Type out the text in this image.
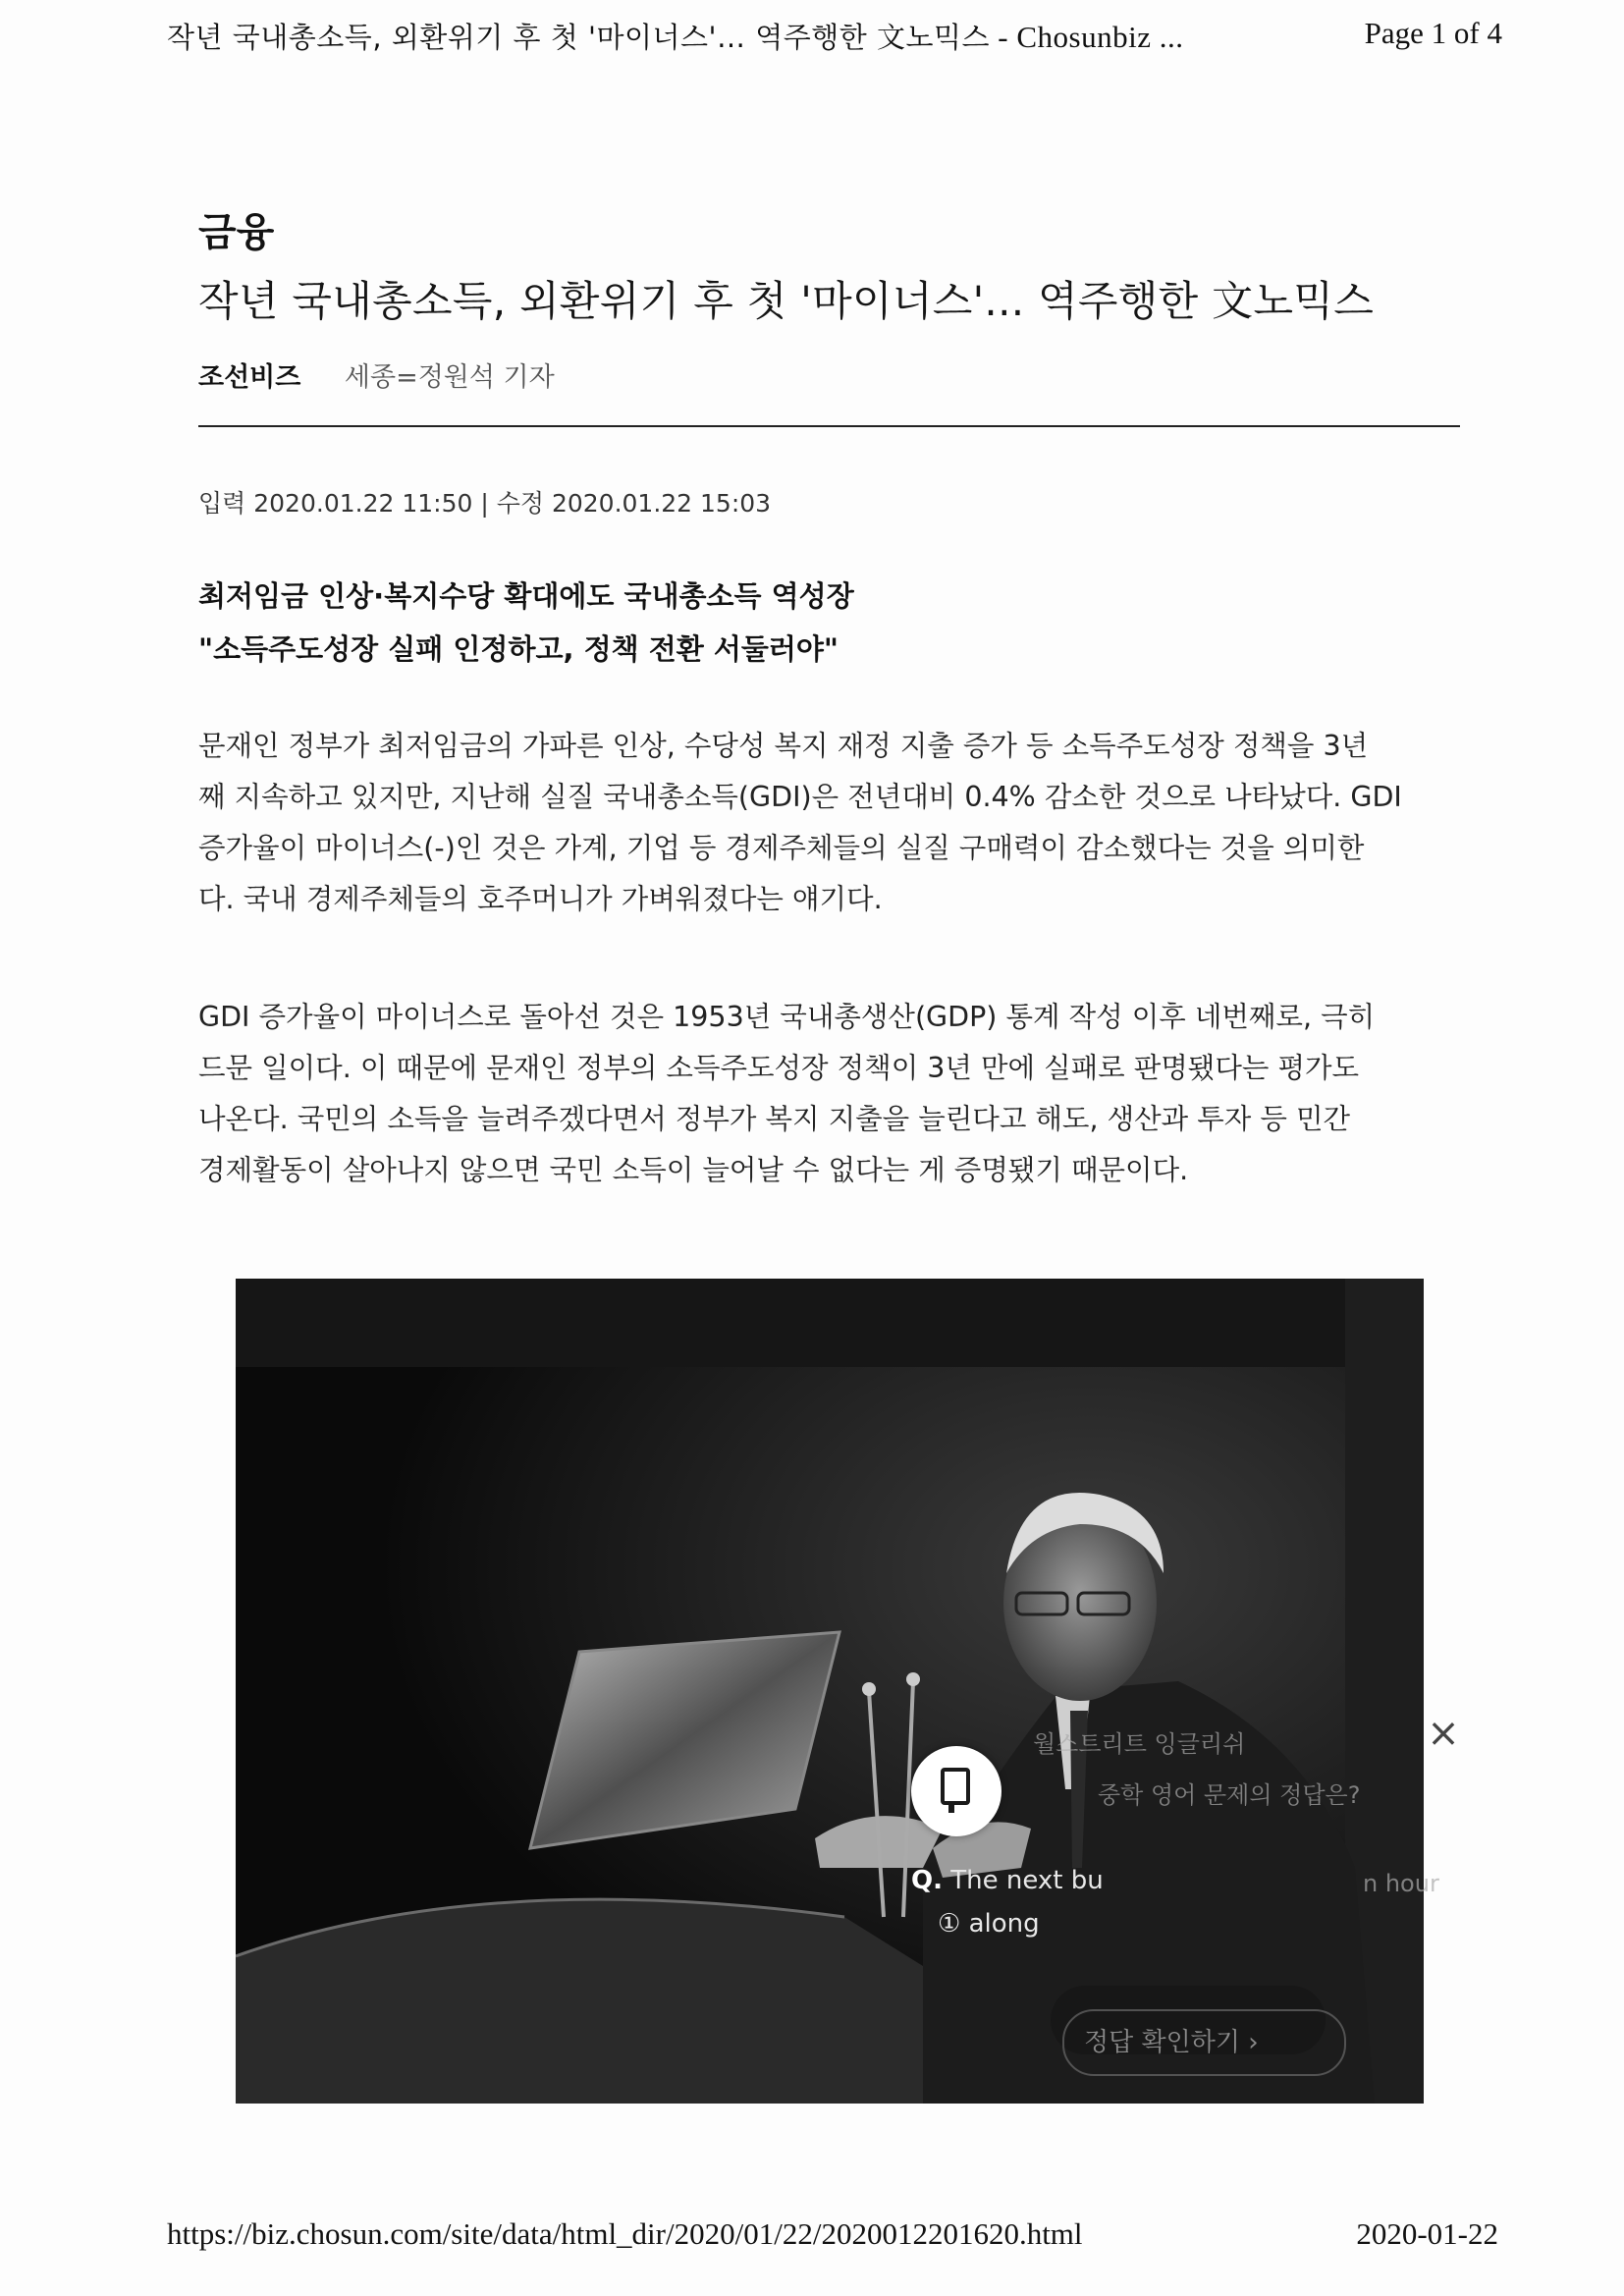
작년 국내총소득, 외환위기 후 첫 '마이너스'… 역주행한 文노믹스 - Chosunbiz ...	Page 1 of 4
금융
작년 국내총소득, 외환위기 후 첫 '마이너스'... 역주행한 文노믹스
조선비즈 세종=정원석 기자
입력 2020.01.22 11:50 | 수정 2020.01.22 15:03
최저임금 인상·복지수당 확대에도 국내총소득 역성장
"소득주도성장 실패 인정하고, 정책 전환 서둘러야"
문재인 정부가 최저임금의 가파른 인상, 수당성 복지 재정 지출 증가 등 소득주도성장 정책을 3년
째 지속하고 있지만, 지난해 실질 국내총소득(GDI)은 전년대비 0.4% 감소한 것으로 나타났다. GDI
증가율이 마이너스(-)인 것은 가계, 기업 등 경제주체들의 실질 구매력이 감소했다는 것을 의미한
다. 국내 경제주체들의 호주머니가 가벼워졌다는 얘기다.
GDI 증가율이 마이너스로 돌아선 것은 1953년 국내총생산(GDP) 통계 작성 이후 네번째로, 극히
드문 일이다. 이 때문에 문재인 정부의 소득주도성장 정책이 3년 만에 실패로 판명됐다는 평가도
나온다. 국민의 소득을 늘려주겠다면서 정부가 복지 지출을 늘린다고 해도, 생산과 투자 등 민간
경제활동이 살아나지 않으면 국민 소득이 늘어날 수 없다는 게 증명됐기 때문이다.
월스트리트 잉글리쉬
중학 영어 문제의 정답은?
n hour
×
Q. The next bu
① along
정답 확인하기 ›
https://biz.chosun.com/site/data/html_dir/2020/01/22/2020012201620.html	2020-01-22
